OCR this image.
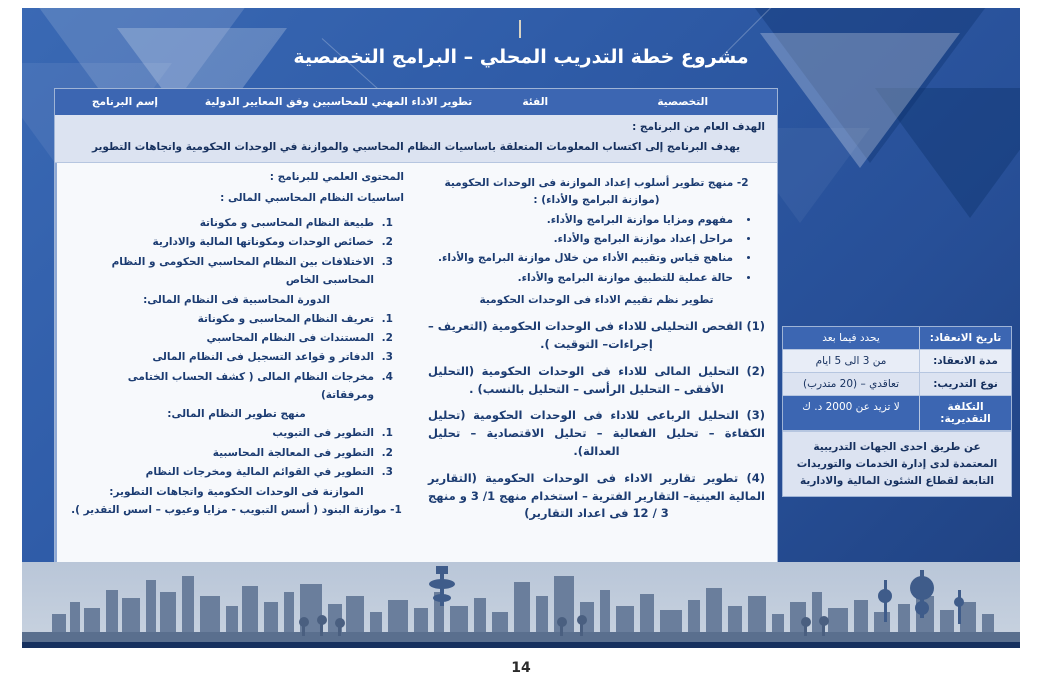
مشروع خطة التدريب المحلي – البرامج التخصصية
التخصصية
الفئة
تطوير الاداء المهني للمحاسبين وفق المعايير الدولية
إسم البرنامج
الهدف العام من البرنامج :
يهدف البرنامج إلى اكتساب المعلومات المتعلقة باساسيات النظام المحاسبي والموازنة في الوحدات الحكومية واتجاهات التطوير
2- منهج تطوير أسلوب إعداد الموازنة فى الوحدات الحكومية (موازنة البرامج والأداء) :
• مفهوم ومزايا موازنة البرامج والأداء.
• مراحل إعداد موازنة البرامج والأداء.
• مناهج قياس وتقييم الأداء من خلال موازنة البرامج والأداء.
• حالة عملية للتطبيق موازنة البرامج والأداء.
تطوير نظم تقييم الاداء فى الوحدات الحكومية
(1) الفحص التحليلى للاداء فى الوحدات الحكومية (التعريف – إجراءات– التوقيت ).
(2) التحليل المالى للاداء فى الوحدات الحكومية (التحليل الأفقى – التحليل الرأسى – التحليل بالنسب) .
(3) التحليل الرباعى للاداء فى الوحدات الحكومية (تحليل الكفاءة – تحليل الفعالية – تحليل الاقتصادية – تحليل العدالة).
(4) تطوير تقارير الاداء فى الوحدات الحكومية (التقارير المالية العينية– التقارير الفترية – استخدام منهج 1/ 3 و منهج 3 / 12 فى اعداد التقارير)
المحتوى العلمي للبرنامج :
اساسيات النظام المحاسبي المالى :
1. طبيعة النظام المحاسبى و مكوناتة
2. خصائص الوحدات ومكوناتها المالية والادارية
3. الاختلافات بين النظام المحاسبي الحكومى و النظام المحاسبى الخاص
الدورة المحاسبية فى النظام المالى:
1. تعريف النظام المحاسبى و مكوناتة
2. المستندات فى النظام المحاسبي
3. الدفاتر و قواعد التسجيل فى النظام المالى
4. مخرجات النظام المالى ( كشف الحساب الختامى ومرفقاتة)
منهج تطوير النظام المالى:
1. التطوير فى التبويب
2. التطوير فى المعالجة المحاسبية
3. التطوير في القوائم المالية ومخرجات النظام
الموازنة فى الوحدات الحكومية واتجاهات التطوير:
1- موازنة البنود ( أسس التبويب - مزايا وعيوب – اسس التقدير ).
تاريخ الانعقاد:
يحدد فيما بعد
مدة الانعقاد:
من 3 الى 5 ايام
نوع التدريب:
تعاقدي – (20 متدرب)
التكلفة التقديرية:
لا تزيد عن 2000 د. ك
عن طريق احدى الجهات التدريبية المعتمدة لدى إدارة الخدمات والتوريدات التابعة لقطاع الشئون المالية والادارية
14
